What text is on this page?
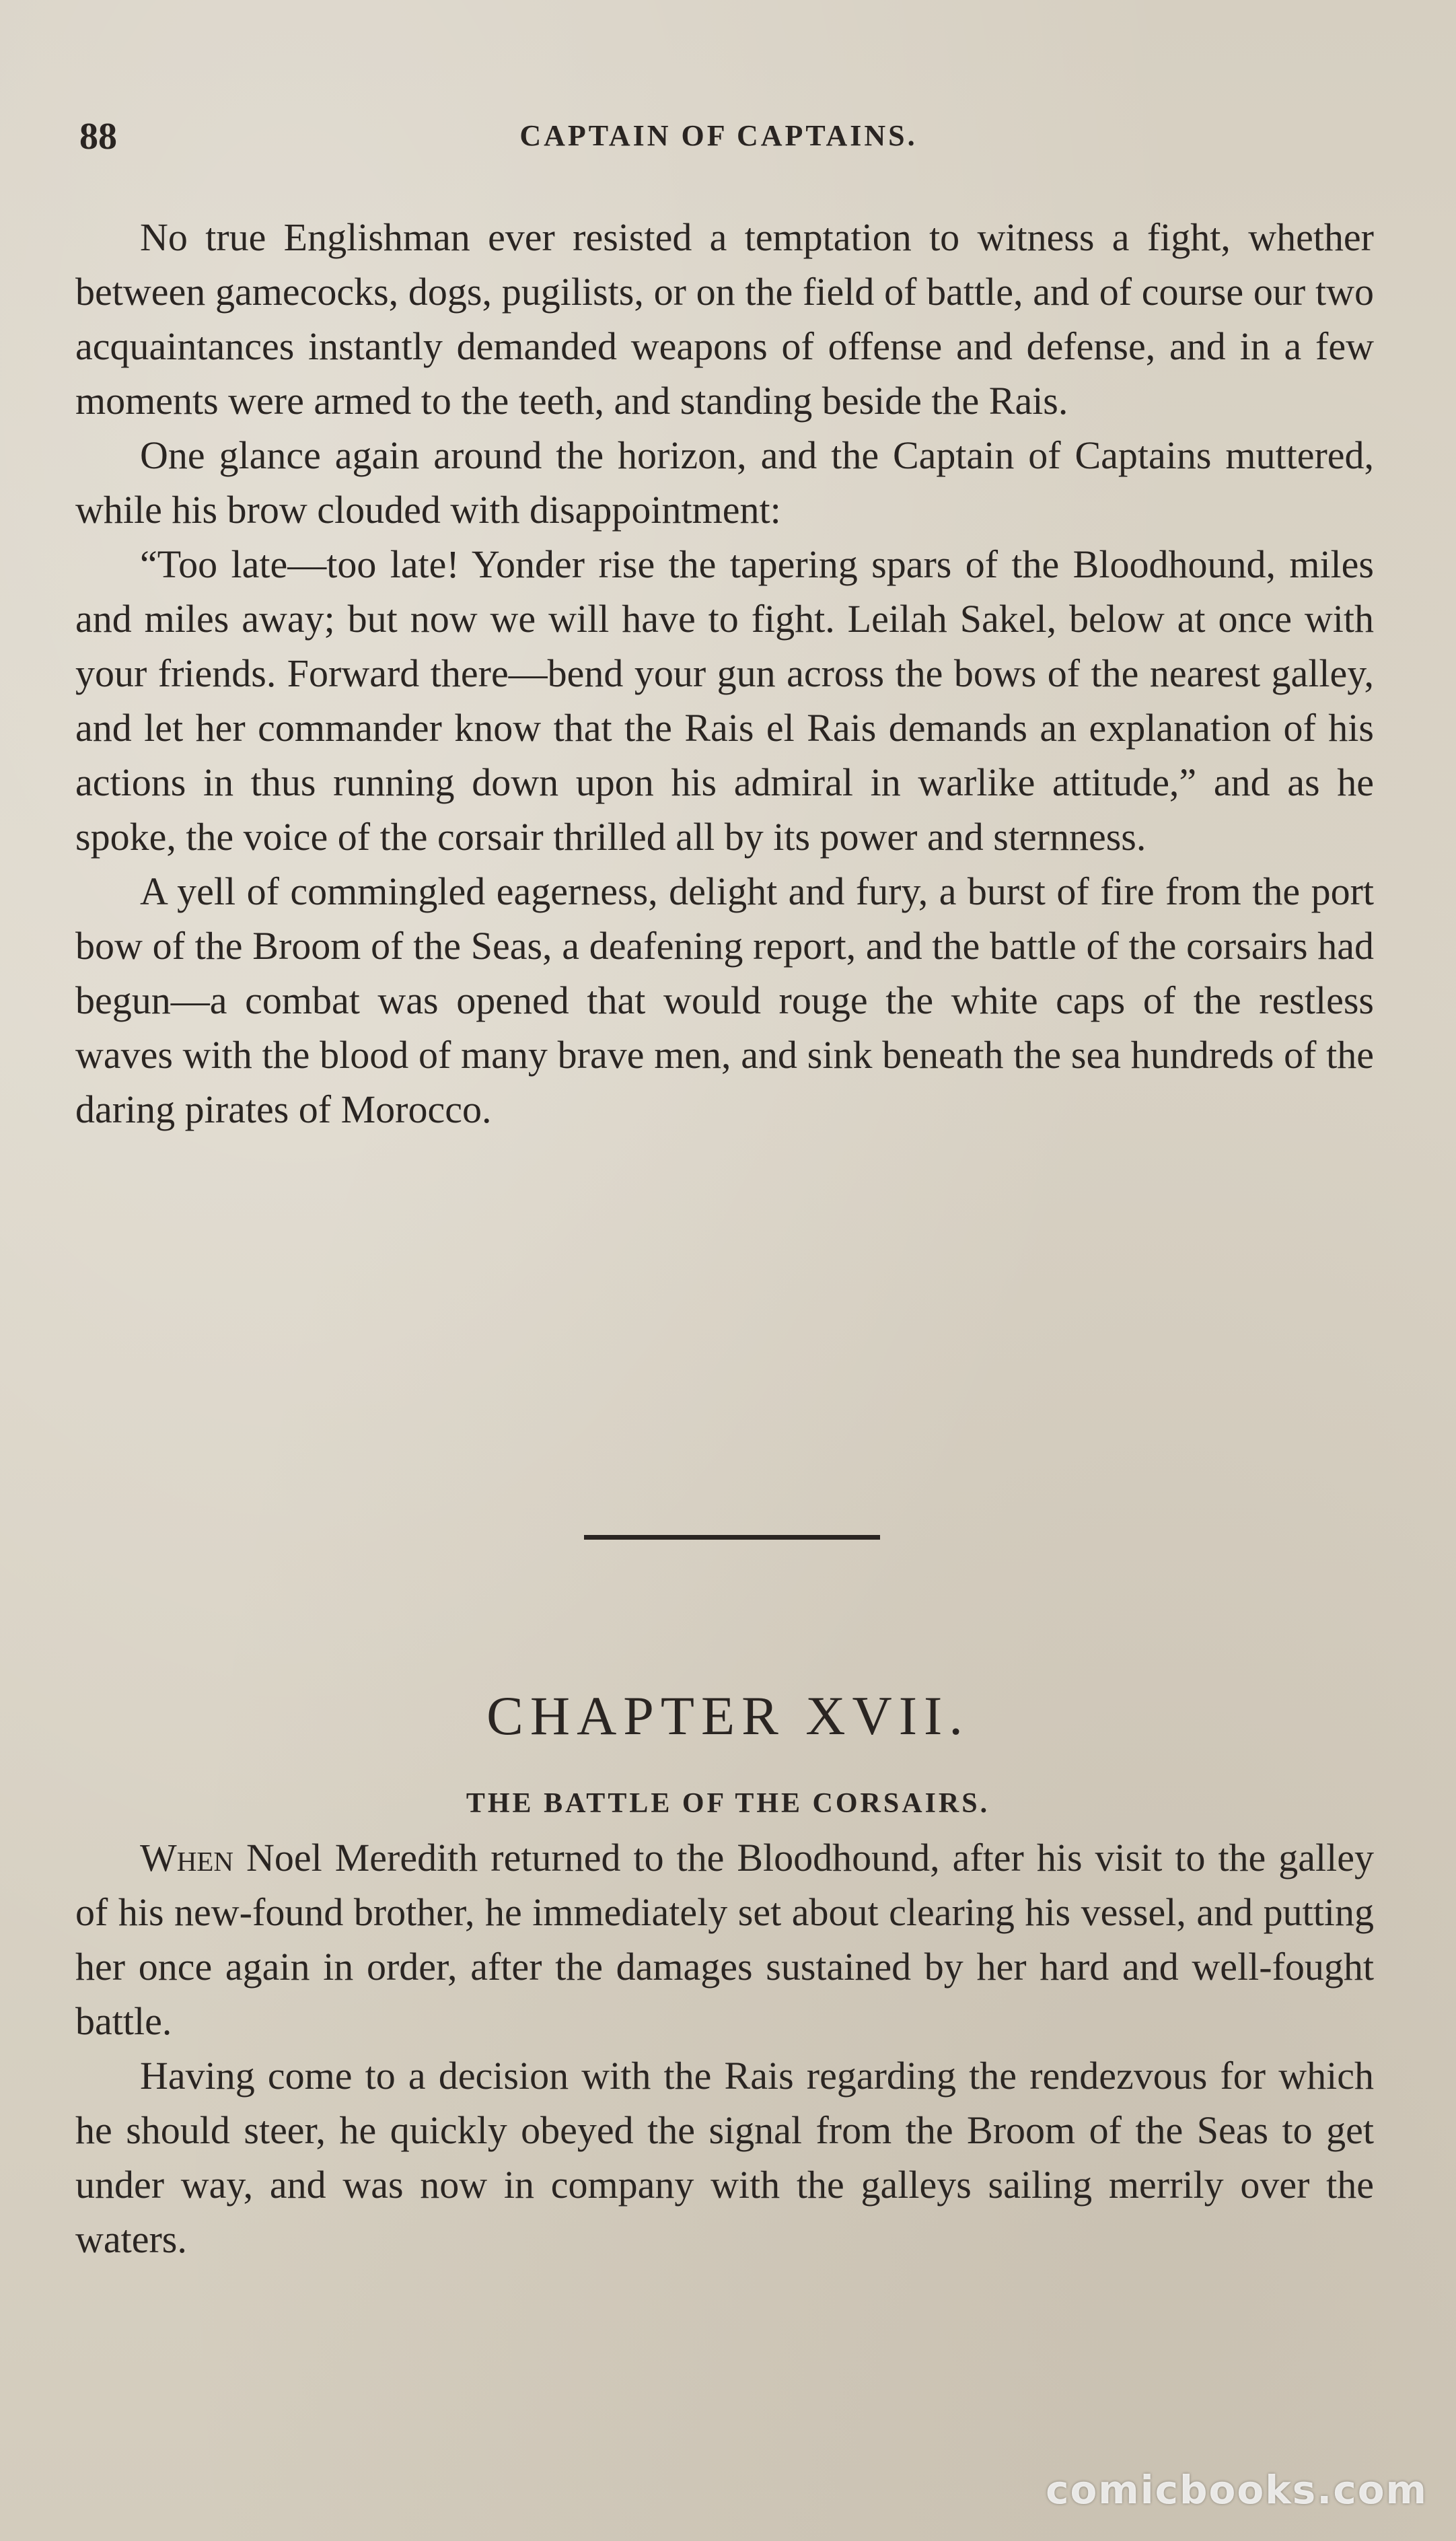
88	CAPTAIN OF CAPTAINS.

No true Englishman ever resisted a temptation to witness a fight, whether between gamecocks, dogs, pugilists, or on the field of battle, and of course our two acquaintances instantly demanded weapons of offense and defense, and in a few moments were armed to the teeth, and standing beside the Rais.

One glance again around the horizon, and the Captain of Captains muttered, while his brow clouded with disappointment:

“Too late—too late! Yonder rise the tapering spars of the Bloodhound, miles and miles away; but now we will have to fight. Leilah Sakel, below at once with your friends. Forward there—bend your gun across the bows of the nearest galley, and let her commander know that the Rais el Rais demands an explanation of his actions in thus running down upon his admiral in warlike attitude,” and as he spoke, the voice of the corsair thrilled all by its power and sternness.

A yell of commingled eagerness, delight and fury, a burst of fire from the port bow of the Broom of the Seas, a deafening report, and the battle of the corsairs had begun—a combat was opened that would rouge the white caps of the restless waves with the blood of many brave men, and sink beneath the sea hundreds of the daring pirates of Morocco.

CHAPTER XVII.
THE BATTLE OF THE CORSAIRS.

When Noel Meredith returned to the Bloodhound, after his visit to the galley of his new-found brother, he immediately set about clearing his vessel, and putting her once again in order, after the damages sustained by her hard and well-fought battle.

Having come to a decision with the Rais regarding the rendezvous for which he should steer, he quickly obeyed the signal from the Broom of the Seas to get under way, and was now in company with the galleys sailing merrily over the waters.

comicbooks.com
